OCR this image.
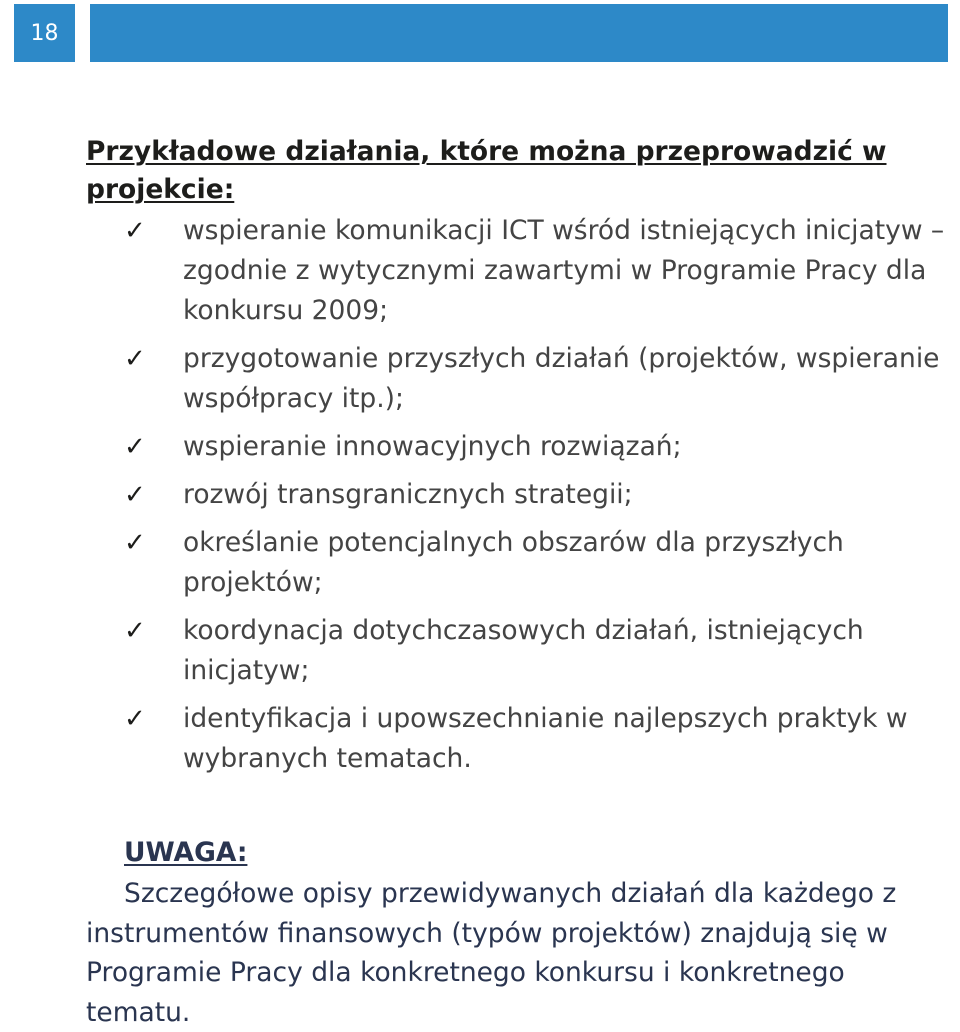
18
Przykładowe działania, które można przeprowadzić w projekcie:
✓ wspieranie komunikacji ICT wśród istniejących inicjatyw – zgodnie z wytycznymi zawartymi w Programie Pracy dla konkursu 2009;
✓ przygotowanie przyszłych działań (projektów, wspieranie współpracy itp.);
✓ wspieranie innowacyjnych rozwiązań;
✓ rozwój transgranicznych strategii;
✓ określanie potencjalnych obszarów dla przyszłych projektów;
✓ koordynacja dotychczasowych działań, istniejących inicjatyw;
✓ identyfikacja i upowszechnianie najlepszych praktyk w wybranych tematach.
UWAGA:

Szczegółowe opisy przewidywanych działań dla każdego z instrumentów finansowych (typów projektów) znajdują się w Programie Pracy dla konkretnego konkursu i konkretnego tematu.
